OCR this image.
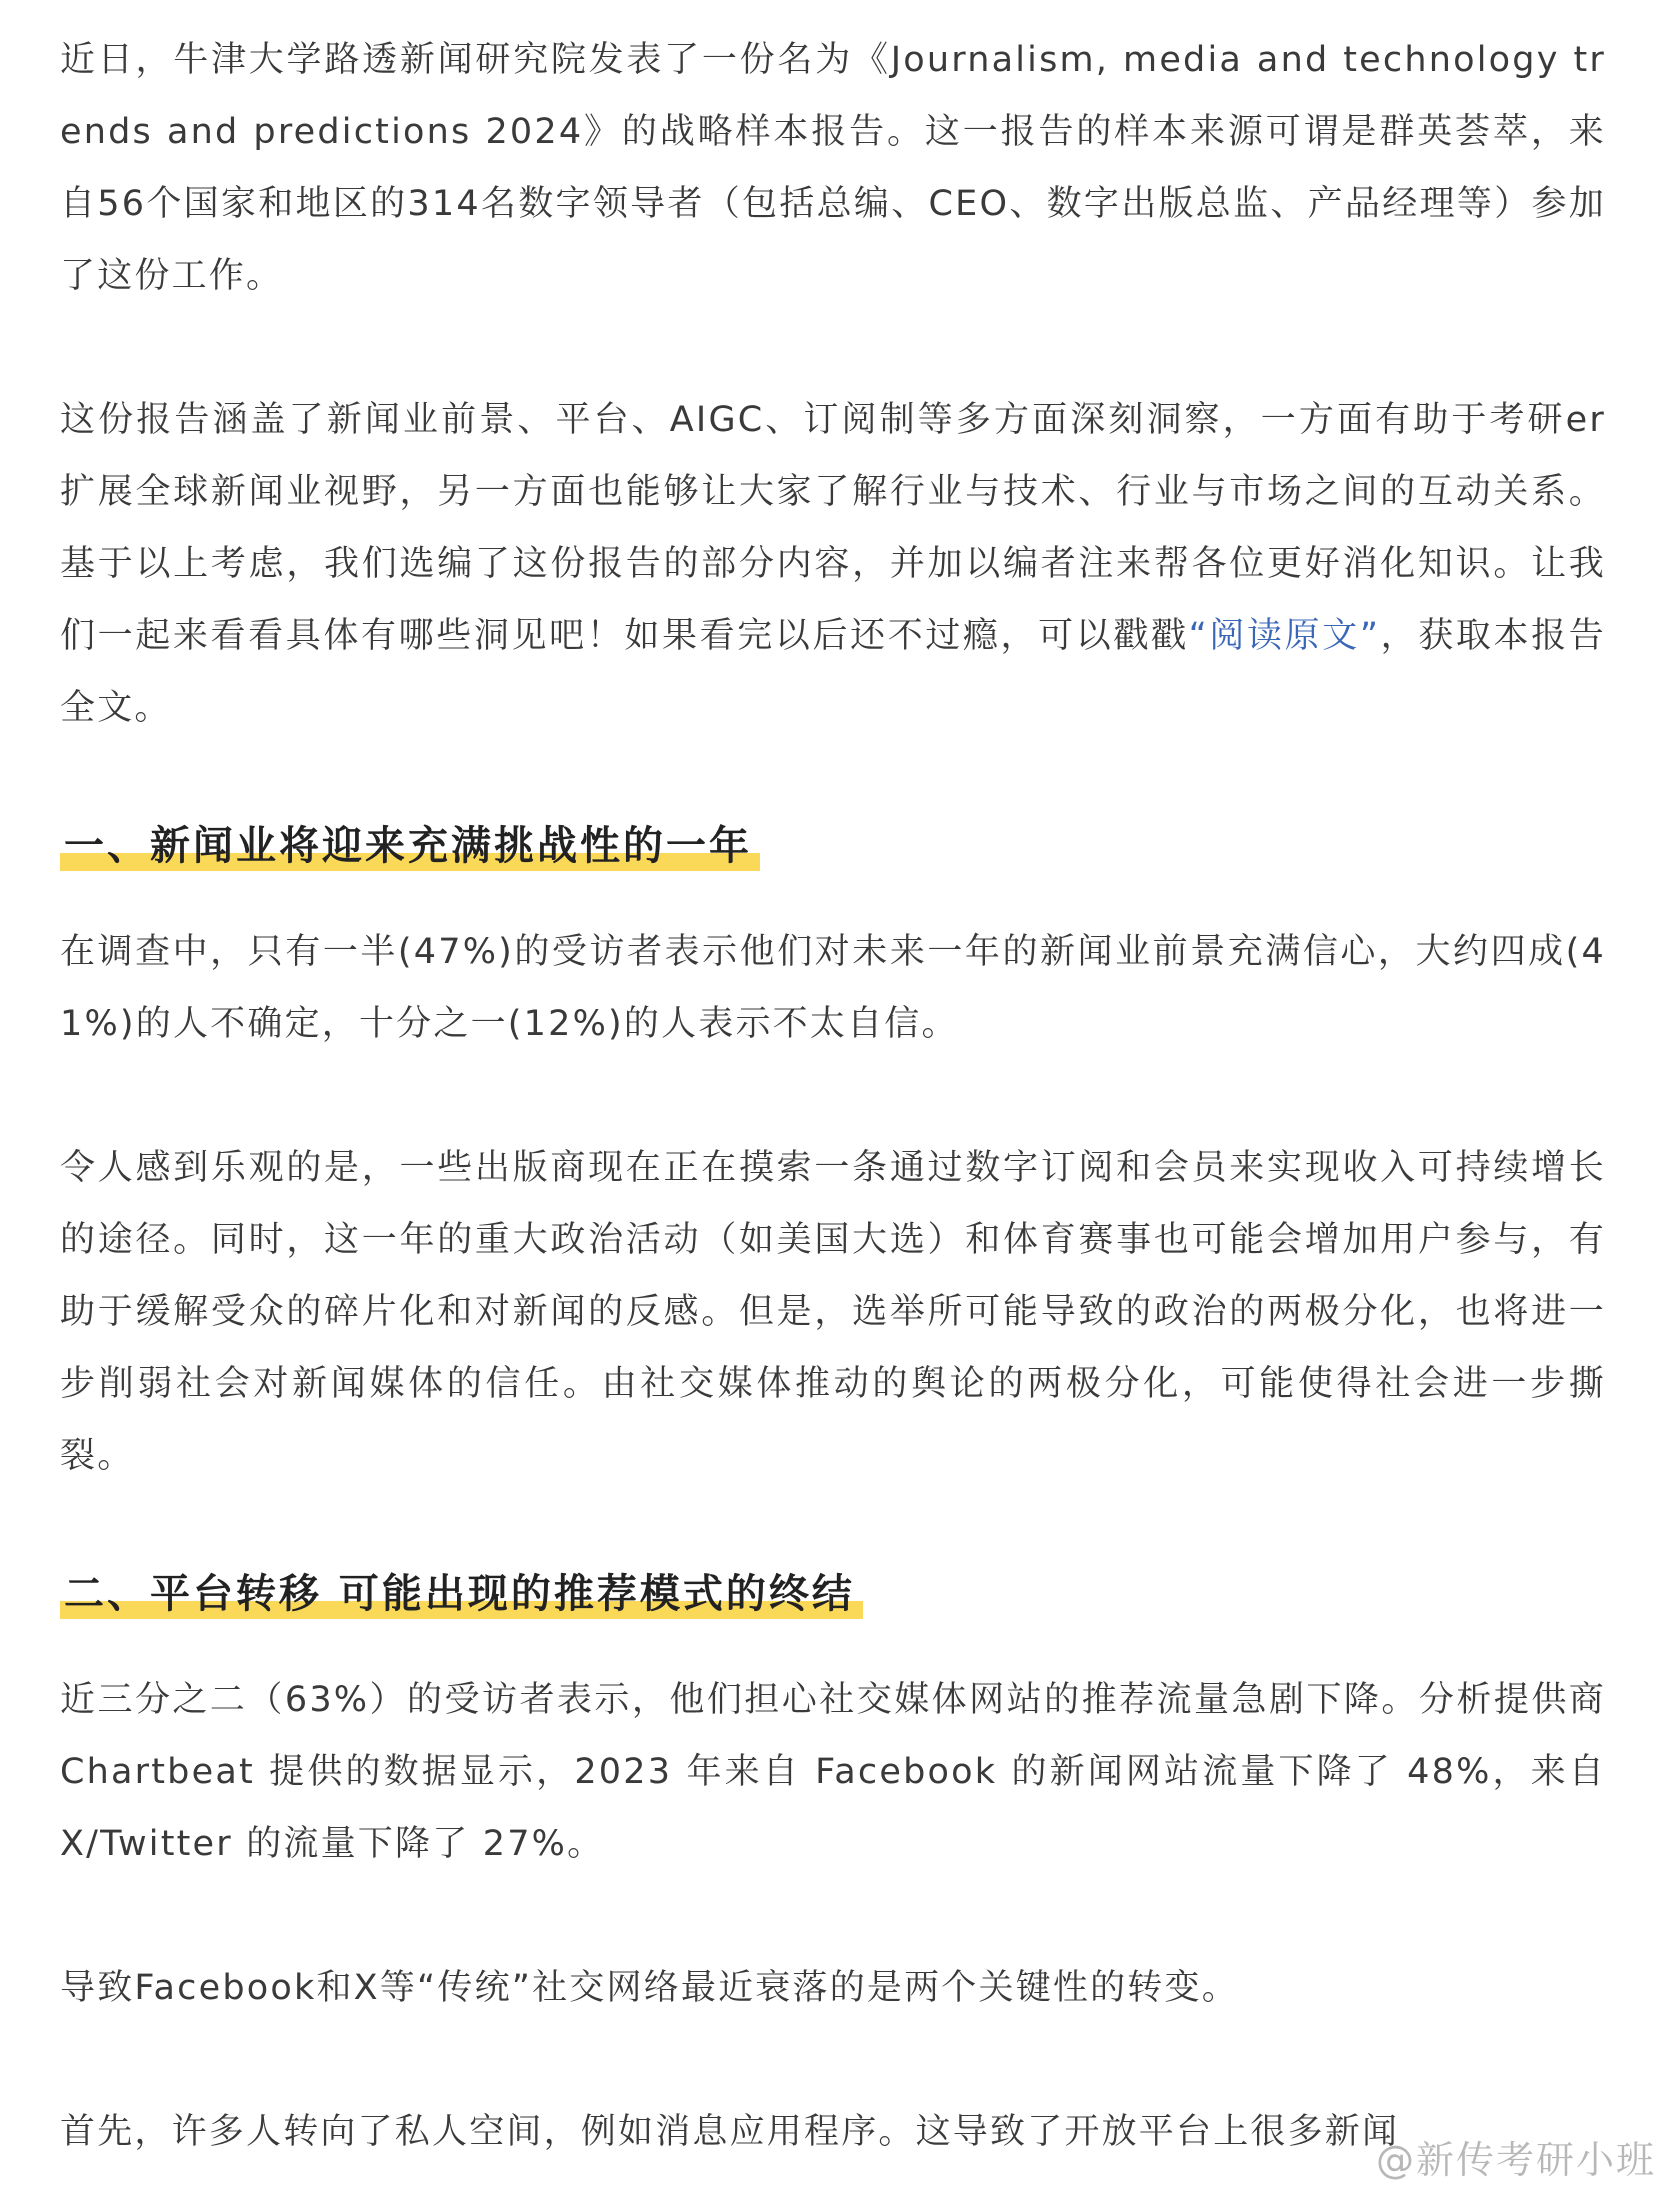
近日，牛津大学路透新闻研究院发表了一份名为《Journalism, media and technology trends and predictions 2024》的战略样本报告。这一报告的样本来源可谓是群英荟萃，来自56个国家和地区的314名数字领导者（包括总编、CEO、数字出版总监、产品经理等）参加了这份工作。

这份报告涵盖了新闻业前景、平台、AIGC、订阅制等多方面深刻洞察，一方面有助于考研er扩展全球新闻业视野，另一方面也能够让大家了解行业与技术、行业与市场之间的互动关系。基于以上考虑，我们选编了这份报告的部分内容，并加以编者注来帮各位更好消化知识。让我们一起来看看具体有哪些洞见吧！如果看完以后还不过瘾，可以戳戳“阅读原文”，获取本报告全文。

一、新闻业将迎来充满挑战性的一年

在调查中，只有一半(47%)的受访者表示他们对未来一年的新闻业前景充满信心，大约四成(41%)的人不确定，十分之一(12%)的人表示不太自信。

令人感到乐观的是，一些出版商现在正在摸索一条通过数字订阅和会员来实现收入可持续增长的途径。同时，这一年的重大政治活动（如美国大选）和体育赛事也可能会增加用户参与，有助于缓解受众的碎片化和对新闻的反感。但是，选举所可能导致的政治的两极分化，也将进一步削弱社会对新闻媒体的信任。由社交媒体推动的舆论的两极分化，可能使得社会进一步撕裂。

二、平台转移 可能出现的推荐模式的终结

近三分之二（63%）的受访者表示，他们担心社交媒体网站的推荐流量急剧下降。分析提供商 Chartbeat 提供的数据显示，2023 年来自 Facebook 的新闻网站流量下降了 48%，来自 X/Twitter 的流量下降了 27%。

导致Facebook和X等“传统”社交网络最近衰落的是两个关键性的转变。

首先，许多人转向了私人空间，例如消息应用程序。这导致了开放平台上很多新闻

@新传考研小班
